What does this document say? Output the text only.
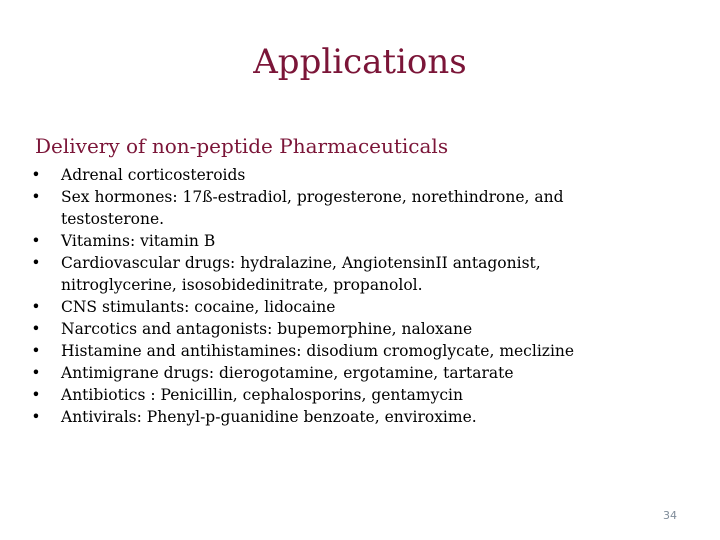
Applications
Delivery of non-peptide Pharmaceuticals
• Adrenal corticosteroids
• Sex hormones: 17ß-estradiol, progesterone, norethindrone, and testosterone.
• Vitamins: vitamin B
• Cardiovascular drugs: hydralazine, AngiotensinII antagonist, nitroglycerine, isosobidedinitrate, propanolol.
• CNS stimulants: cocaine, lidocaine
• Narcotics and antagonists: bupemorphine, naloxane
• Histamine and antihistamines: disodium cromoglycate, meclizine
• Antimigrane drugs: dierogotamine, ergotamine, tartarate
• Antibiotics : Penicillin, cephalosporins, gentamycin
• Antivirals: Phenyl-p-guanidine benzoate, enviroxime.
34
